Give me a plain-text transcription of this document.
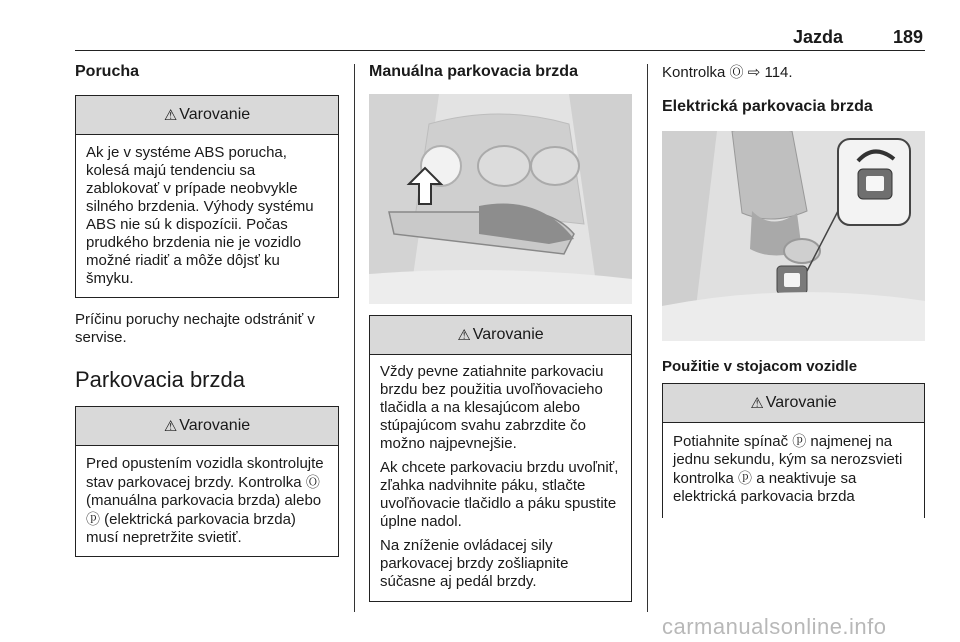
Jazda	189
Porucha
⚠ Varovanie

Ak je v systéme ABS porucha, kolesá majú tendenciu sa zablokovať v prípade neobvykle silného brzdenia. Výhody systému ABS nie sú k dispozícii. Počas prudkého brzdenia nie je vozidlo možné riadiť a môže dôjsť ku šmyku.

Príčinu poruchy nechajte odstrániť v servise.

Parkovacia brzda
⚠ Varovanie

Pred opustením vozidla skontrolujte stav parkovacej brzdy. Kontrolka Ⓞ (manuálna parkovacia brzda) alebo ⓟ (elektrická parkovacia brzda) musí nepretržite svietiť.

Manuálna parkovacia brzda
⚠ Varovanie

Vždy pevne zatiahnite parkovaciu brzdu bez použitia uvoľňovacieho tlačidla a na klesajúcom alebo stúpajúcom svahu zabrzdite čo možno najpevnejšie.

Ak chcete parkovaciu brzdu uvoľniť, zľahka nadvihnite páku, stlačte uvoľňovacie tlačidlo a páku spustite úplne nadol.

Na zníženie ovládacej sily parkovacej brzdy zošliapnite súčasne aj pedál brzdy.

Kontrolka Ⓞ ⇨ 114.

Elektrická parkovacia brzda
Použitie v stojacom vozidle
⚠ Varovanie

Potiahnite spínač ⓟ najmenej na jednu sekundu, kým sa nerozsvieti kontrolka ⓟ a neaktivuje sa elektrická parkovacia brzda

carmanualsonline.info
